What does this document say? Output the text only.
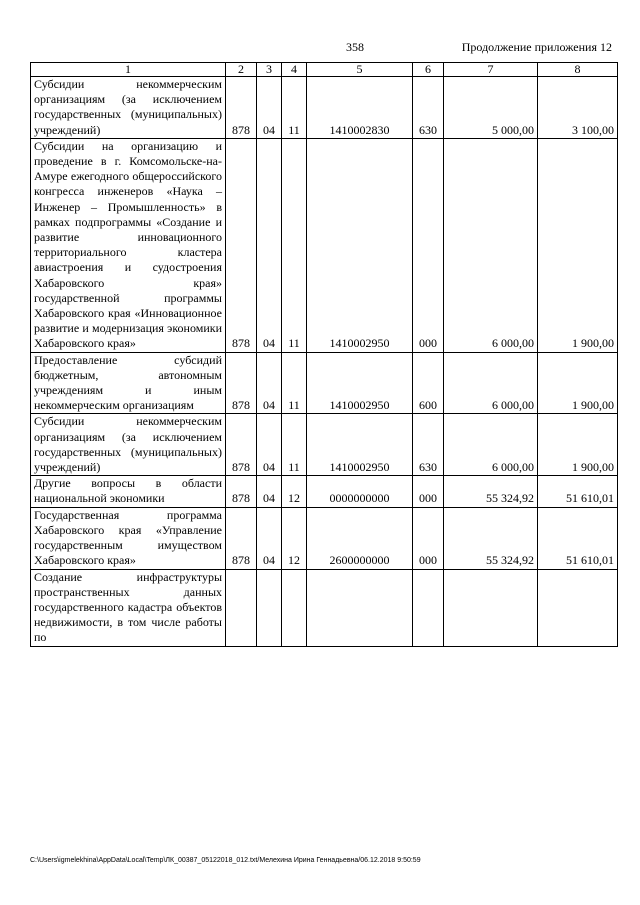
358	Продолжение приложения 12
1	2	3	4	5	6	7	8

Субсидии некоммерческим организациям (за исключением государственных (муниципальных) учреждений)	878	04	11	1410002830	630	5 000,00	3 100,00

Субсидии на организацию и проведение в г. Комсомольске-на-Амуре ежегодного общероссийского конгресса инженеров «Наука – Инженер – Промышленность» в рамках подпрограммы «Создание и развитие инновационного территориального кластера авиастроения и судостроения Хабаровского края» государственной программы Хабаровского края «Инновационное развитие и модернизация экономики Хабаровского края»	878	04	11	1410002950	000	6 000,00	1 900,00

Предоставление субсидий бюджетным, автономным учреждениям и иным некоммерческим организациям	878	04	11	1410002950	600	6 000,00	1 900,00

Субсидии некоммерческим организациям (за исключением государственных (муниципальных) учреждений)	878	04	11	1410002950	630	6 000,00	1 900,00

Другие вопросы в области национальной экономики	878	04	12	0000000000	000	55 324,92	51 610,01

Государственная программа Хабаровского края «Управление государственным имуществом Хабаровского края»	878	04	12	2600000000	000	55 324,92	51 610,01

Создание инфраструктуры пространственных данных государственного кадастра объектов недвижимости, в том числе работы по							

C:\Users\igmelekhina\AppData\Local\Temp\ЛК_00387_05122018_012.txt/Мелехина Ирина Геннадьевна/06.12.2018 9:50:59
